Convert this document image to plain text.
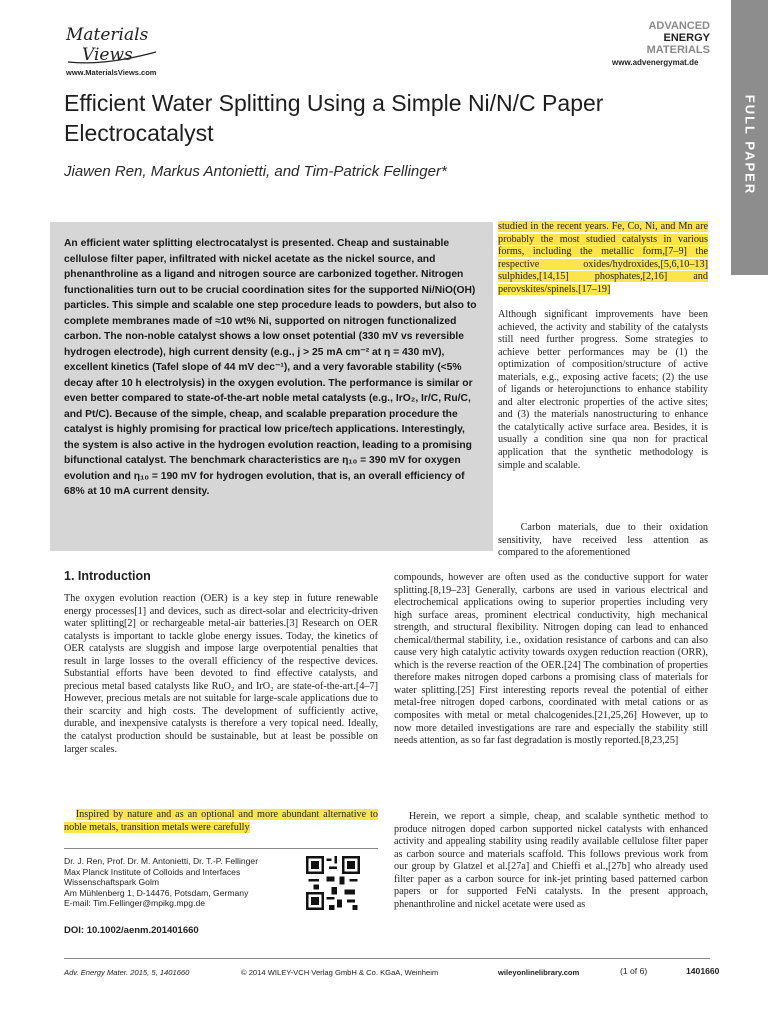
Materials
Views
www.MaterialsViews.com
ADVANCED
ENERGY
MATERIALS
www.advenergymat.de
FULL PAPER
Efficient Water Splitting Using a Simple Ni/N/C Paper Electrocatalyst
Jiawen Ren, Markus Antonietti, and Tim-Patrick Fellinger*
An efficient water splitting electrocatalyst is presented. Cheap and sustainable cellulose filter paper, infiltrated with nickel acetate as the nickel source, and phenanthroline as a ligand and nitrogen source are carbonized together. Nitrogen functionalities turn out to be crucial coordination sites for the supported Ni/NiO(OH) particles. This simple and scalable one step procedure leads to powders, but also to complete membranes made of ≈10 wt% Ni, supported on nitrogen functionalized carbon. The non-noble catalyst shows a low onset potential (330 mV vs reversible hydrogen electrode), high current density (e.g., j > 25 mA cm⁻² at η = 430 mV), excellent kinetics (Tafel slope of 44 mV dec⁻¹), and a very favorable stability (<5% decay after 10 h electrolysis) in the oxygen evolution. The performance is similar or even better compared to state-of-the-art noble metal catalysts (e.g., IrO₂, Ir/C, Ru/C, and Pt/C). Because of the simple, cheap, and scalable preparation procedure the catalyst is highly promising for practical low price/tech applications. Interestingly, the system is also active in the hydrogen evolution reaction, leading to a promising bifunctional catalyst. The benchmark characteristics are η₁₀ = 390 mV for oxygen evolution and η₁₀ = 190 mV for hydrogen evolution, that is, an overall efficiency of 68% at 10 mA current density.
1. Introduction
The oxygen evolution reaction (OER) is a key step in future renewable energy processes[1] and devices, such as direct-solar and electricity-driven water splitting[2] or rechargeable metal-air batteries.[3] Research on OER catalysts is important to tackle globe energy issues. Today, the kinetics of OER catalysts are sluggish and impose large overpotential penalties that result in large losses to the overall efficiency of the respective devices. Substantial efforts have been devoted to find effective catalysts, and precious metal based catalysts like RuO₂ and IrO₂ are state-of-the-art.[4–7] However, precious metals are not suitable for large-scale applications due to their scarcity and high costs. The development of sufficiently active, durable, and inexpensive catalysts is therefore a very topical need. Ideally, the catalyst production should be sustainable, but at least be possible on larger scales.
Inspired by nature and as an optional and more abundant alternative to noble metals, transition metals were carefully
studied in the recent years. Fe, Co, Ni, and Mn are probably the most studied catalysts in various forms, including the metallic form,[7–9] the respective oxides/hydroxides,[5,6,10–13] sulphides,[14,15] phosphates,[2,16] and perovskites/spinels.[17–19]
Although significant improvements have been achieved, the activity and stability of the catalysts still need further progress. Some strategies to achieve better performances may be (1) the optimization of composition/structure of active materials, e.g., exposing active facets; (2) the use of ligands or heterojunctions to enhance stability and alter electronic properties of the active sites; and (3) the materials nanostructuring to enhance the catalytically active surface area. Besides, it is usually a condition sine qua non for practical application that the synthetic methodology is simple and scalable.
Carbon materials, due to their oxidation sensitivity, have received less attention as compared to the aforementioned
compounds, however are often used as the conductive support for water splitting.[8,19–23] Generally, carbons are used in various electrical and electrochemical applications owing to superior properties including very high surface areas, prominent electrical conductivity, high mechanical strength, and structural flexibility. Nitrogen doping can lead to enhanced chemical/thermal stability, i.e., oxidation resistance of carbons and can also cause very high catalytic activity towards oxygen reduction reaction (ORR), which is the reverse reaction of the OER.[24] The combination of properties therefore makes nitrogen doped carbons a promising class of materials for water splitting.[25] First interesting reports reveal the potential of either metal-free nitrogen doped carbons, coordinated with metal cations or as composites with metal or metal chalcogenides.[21,25,26] However, up to now more detailed investigations are rare and especially the stability still needs attention, as so far fast degradation is mostly reported.[8,23,25]
Herein, we report a simple, cheap, and scalable synthetic method to produce nitrogen doped carbon supported nickel catalysts with enhanced activity and appealing stability using readily available cellulose filter paper as carbon source and materials scaffold. This follows previous work from our group by Glatzel et al.[27a] and Chieffi et al.,[27b] who already used filter paper as a carbon source for ink-jet printing based patterned carbon papers or for supported FeNi catalysts. In the present approach, phenanthroline and nickel acetate were used as
Dr. J. Ren, Prof. Dr. M. Antonietti, Dr. T.-P. Fellinger
Max Planck Institute of Colloids and Interfaces
Wissenschaftspark Golm
Am Mühlenberg 1, D-14476, Potsdam, Germany
E-mail: Tim.Fellinger@mpikg.mpg.de
DOI: 10.1002/aenm.201401660
Adv. Energy Mater. 2015, 5, 1401660	© 2014 WILEY-VCH Verlag GmbH & Co. KGaA, Weinheim	wileyonlinelibrary.com	(1 of 6)	1401660
